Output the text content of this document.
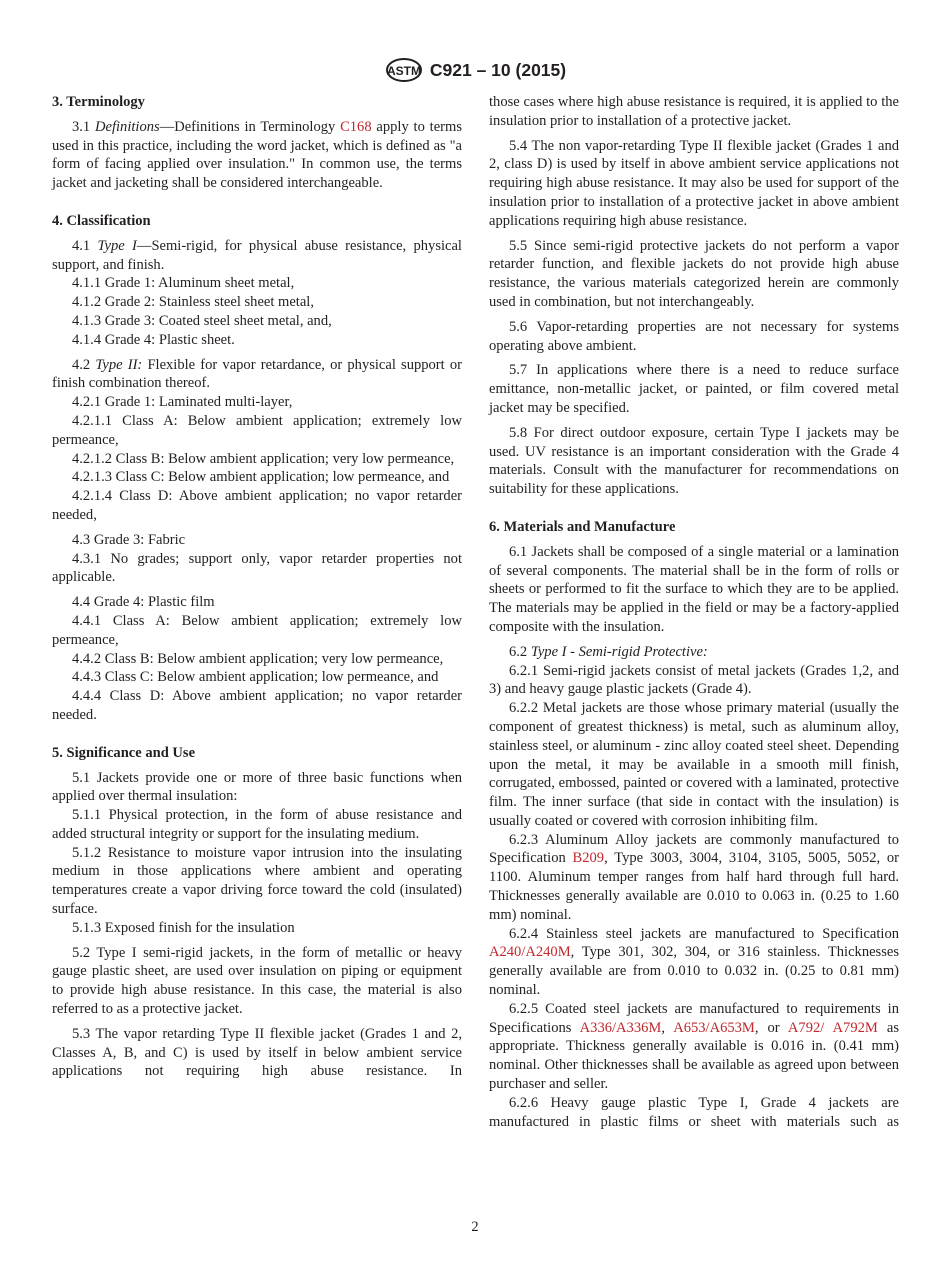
ASTM C921 – 10 (2015)
3. Terminology

3.1 Definitions—Definitions in Terminology C168 apply to terms used in this practice, including the word jacket, which is defined as "a form of facing applied over insulation." In common use, the terms jacket and jacketing shall be considered interchangeable.

4. Classification

4.1 Type I—Semi-rigid, for physical abuse resistance, physical support, and finish.

4.1.1 Grade 1: Aluminum sheet metal,

4.1.2 Grade 2: Stainless steel sheet metal,

4.1.3 Grade 3: Coated steel sheet metal, and,

4.1.4 Grade 4: Plastic sheet.

4.2 Type II: Flexible for vapor retardance, or physical support or finish combination thereof.

4.2.1 Grade 1: Laminated multi-layer,

4.2.1.1 Class A: Below ambient application; extremely low permeance,

4.2.1.2 Class B: Below ambient application; very low permeance,

4.2.1.3 Class C: Below ambient application; low permeance, and

4.2.1.4 Class D: Above ambient application; no vapor retarder needed,

4.3 Grade 3: Fabric

4.3.1 No grades; support only, vapor retarder properties not applicable.

4.4 Grade 4: Plastic film

4.4.1 Class A: Below ambient application; extremely low permeance,

4.4.2 Class B: Below ambient application; very low permeance,

4.4.3 Class C: Below ambient application; low permeance, and

4.4.4 Class D: Above ambient application; no vapor retarder needed.

5. Significance and Use

5.1 Jackets provide one or more of three basic functions when applied over thermal insulation:

5.1.1 Physical protection, in the form of abuse resistance and added structural integrity or support for the insulating medium.

5.1.2 Resistance to moisture vapor intrusion into the insulating medium in those applications where ambient and operating temperatures create a vapor driving force toward the cold (insulated) surface.

5.1.3 Exposed finish for the insulation

5.2 Type I semi-rigid jackets, in the form of metallic or heavy gauge plastic sheet, are used over insulation on piping or equipment to provide high abuse resistance. In this case, the material is also referred to as a protective jacket.

5.3 The vapor retarding Type II flexible jacket (Grades 1 and 2, Classes A, B, and C) is used by itself in below ambient service applications not requiring high abuse resistance. In

those cases where high abuse resistance is required, it is applied to the insulation prior to installation of a protective jacket.

5.4 The non vapor-retarding Type II flexible jacket (Grades 1 and 2, class D) is used by itself in above ambient service applications not requiring high abuse resistance. It may also be used for support of the insulation prior to installation of a protective jacket in above ambient applications requiring high abuse resistance.

5.5 Since semi-rigid protective jackets do not perform a vapor retarder function, and flexible jackets do not provide high abuse resistance, the various materials categorized herein are commonly used in combination, but not interchangeably.

5.6 Vapor-retarding properties are not necessary for systems operating above ambient.

5.7 In applications where there is a need to reduce surface emittance, non-metallic jacket, or painted, or film covered metal jacket may be specified.

5.8 For direct outdoor exposure, certain Type I jackets may be used. UV resistance is an important consideration with the Grade 4 materials. Consult with the manufacturer for recommendations on suitability for these applications.

6. Materials and Manufacture

6.1 Jackets shall be composed of a single material or a lamination of several components. The material shall be in the form of rolls or sheets or performed to fit the surface to which they are to be applied. The materials may be applied in the field or may be a factory-applied composite with the insulation.

6.2 Type I - Semi-rigid Protective:

6.2.1 Semi-rigid jackets consist of metal jackets (Grades 1,2, and 3) and heavy gauge plastic jackets (Grade 4).

6.2.2 Metal jackets are those whose primary material (usually the component of greatest thickness) is metal, such as aluminum alloy, stainless steel, or aluminum - zinc alloy coated steel sheet. Depending upon the metal, it may be available in a smooth mill finish, corrugated, embossed, painted or covered with a laminated, protective film. The inner surface (that side in contact with the insulation) is usually coated or covered with corrosion inhibiting film.

6.2.3 Aluminum Alloy jackets are commonly manufactured to Specification B209, Type 3003, 3004, 3104, 3105, 5005, 5052, or 1100. Aluminum temper ranges from half hard through full hard. Thicknesses generally available are 0.010 to 0.063 in. (0.25 to 1.60 mm) nominal.

6.2.4 Stainless steel jackets are manufactured to Specification A240/A240M, Type 301, 302, 304, or 316 stainless. Thicknesses generally available are from 0.010 to 0.032 in. (0.25 to 0.81 mm) nominal.

6.2.5 Coated steel jackets are manufactured to requirements in Specifications A336/A336M, A653/A653M, or A792/ A792M as appropriate. Thickness generally available is 0.016 in. (0.41 mm) nominal. Other thicknesses shall be available as agreed upon between purchaser and seller.

6.2.6 Heavy gauge plastic Type I, Grade 4 jackets are manufactured in plastic films or sheet with materials such as

2
